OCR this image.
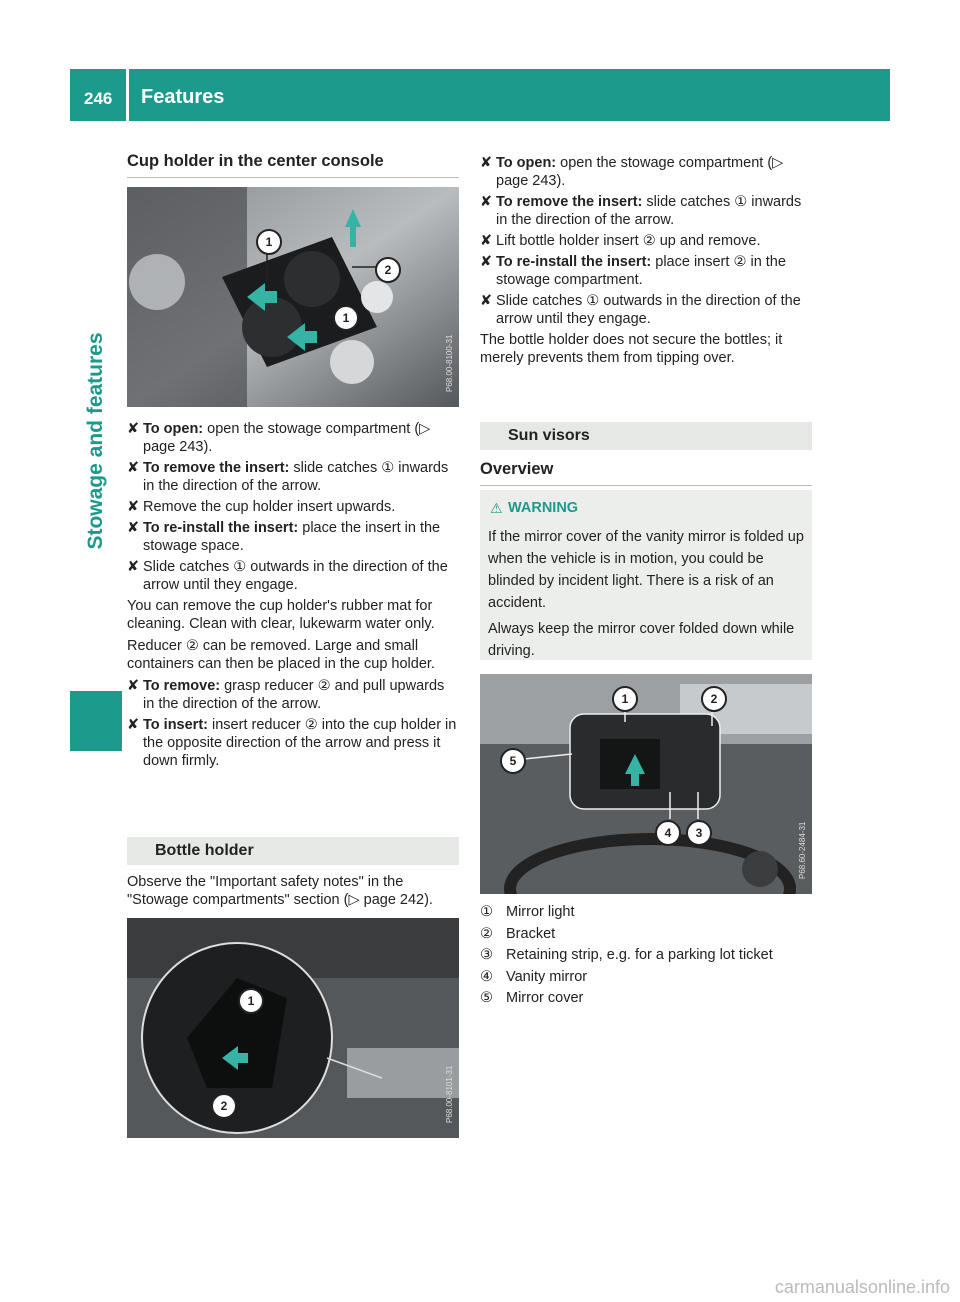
246 Features
Stowage and features
Cup holder in the center console
1
2
1
P68.00-8100-31
✘ To open: open the stowage compartment (▷ page 243).
✘ To remove the insert: slide catches ① inwards in the direction of the arrow.
✘ Remove the cup holder insert upwards.
✘ To re-install the insert: place the insert in the stowage space.
✘ Slide catches ① outwards in the direction of the arrow until they engage.

You can remove the cup holder's rubber mat for cleaning. Clean with clear, lukewarm water only.

Reducer ② can be removed. Large and small containers can then be placed in the cup holder.

✘ To remove: grasp reducer ② and pull upwards in the direction of the arrow.
✘ To insert: insert reducer ② into the cup holder in the opposite direction of the arrow and press it down firmly.
Bottle holder

Observe the "Important safety notes" in the "Stowage compartments" section (▷ page 242).

1
2	P68.00-8101-31
✘ To open: open the stowage compartment (▷ page 243).
✘ To remove the insert: slide catches ① inwards in the direction of the arrow.
✘ Lift bottle holder insert ② up and remove.
✘ To re-install the insert: place insert ② in the stowage compartment.
✘ Slide catches ① outwards in the direction of the arrow until they engage.

The bottle holder does not secure the bottles; it merely prevents them from tipping over.

Sun visors
Overview
⚠ WARNING
If the mirror cover of the vanity mirror is folded up when the vehicle is in motion, you could be blinded by incident light. There is a risk of an accident.
Always keep the mirror cover folded down while driving.
1	2
3
4
5
P68.60-2484-31
① Mirror light
② Bracket
③ Retaining strip, e.g. for a parking lot ticket
④ Vanity mirror
⑤ Mirror cover
carmanualsonline.info
